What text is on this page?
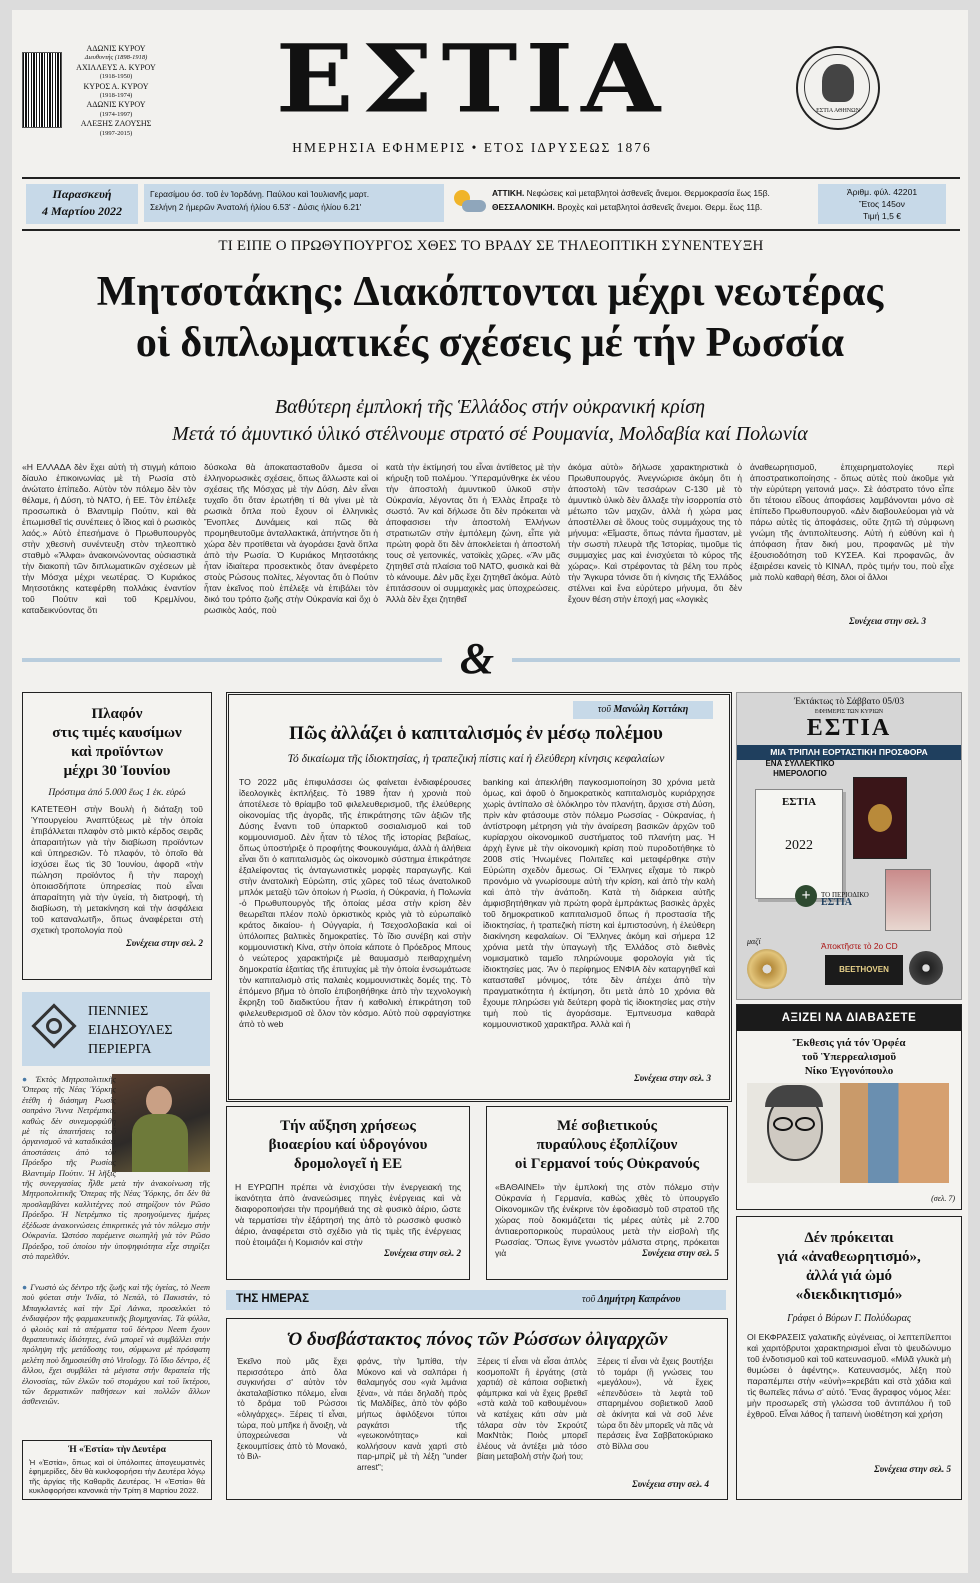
ΑΔΩΝΙΣ ΚΥΡΟΥ
Διευθυντής (1898-1918)
ΑΧΙΛΛΕΥΣ Α. ΚΥΡΟΥ
(1918-1950)
ΚΥΡΟΣ Α. ΚΥΡΟΥ
(1918-1974)
ΑΔΩΝΙΣ ΚΥΡΟΥ
(1974-1997)
ΑΛΕΞΗΣ ΖΑΟΥΣΗΣ
(1997-2015)	ΕΣΤΙΑ
ΗΜΕΡΗΣΙΑ ΕΦΗΜΕΡΙΣ • ΕΤΟΣ ΙΔΡΥΣΕΩΣ 1876
ΕΣΤΙΑ ΑΘΗΝΩΝ
Παρασκευή
4 Μαρτίου 2022
Γερασίμου όσ. τοῦ ἐν Ἰορδάνῃ. Παύλου καὶ Ἰουλιανῆς μαρτ.
Σελήνη 2 ἡμερῶν Ἀνατολή ἡλίου 6.53' - Δύσις ἡλίου 6.21'
ΑΤΤΙΚΗ. Νεφώσεις καὶ μεταβλητοὶ ἀσθενεῖς ἄνεμοι. Θερμοκρασία ἕως 15β.
ΘΕΣΣΑΛΟΝΙΚΗ. Βροχὲς καὶ μεταβλητοὶ ἀσθενεῖς ἄνεμοι. Θερμ. ἕως 11β.
Ἀριθμ. φύλ. 42201
Ἔτος 145ον
Τιμή 1,5 €
ΤΙ ΕΙΠΕ Ο ΠΡΩΘΥΠΟΥΡΓΟΣ ΧΘΕΣ ΤΟ ΒΡΑΔΥ ΣΕ ΤΗΛΕΟΠΤΙΚΗ ΣΥΝΕΝΤΕΥΞΗ
Μητσοτάκης: Διακόπτονται μέχρι νεωτέρας
οἱ διπλωματικές σχέσεις μέ τήν Ρωσσία
Βαθύτερη ἐμπλοκή τῆς Ἑλλάδος στήν οὐκρανική κρίση
Μετά τό ἀμυντικό ὑλικό στέλνουμε στρατό σέ Ρουμανία, Μολδαβία καί Πολωνία
«Η ΕΛΛΑΔΑ δὲν ἔχει αὐτὴ τὴ στιγμὴ κάποιο δίαυλο ἐπικοινωνίας μὲ τὴ Ρωσία στὸ ἀνώτατο ἐπίπεδο. Αὐτὸν τὸν πόλεμο δὲν τὸν θέλαμε, ἡ Δύση, τὸ ΝΑΤΟ, ἡ ΕΕ. Τὸν ἐπέλεξε προσωπικὰ ὁ Βλαντιμὶρ Πούτιν, καὶ θὰ ἐπωμισθεῖ τὶς συνέπειες ὁ ἴδιος καὶ ὁ ρωσικὸς λαός.» Αὐτὸ ἐπεσήμανε ὁ Πρωθυπουργὸς στὴν χθεσινὴ συνέντευξη στὸν τηλεοπτικὸ σταθμὸ «Ἄλφα» ἀνακοινώνοντας οὐσιαστικὰ τὴν διακοπὴ τῶν διπλωματικῶν σχέσεων μὲ τὴν Μόσχα μέχρι νεωτέρας. Ὁ Κυριάκος Μητσοτάκης κατεφέρθη πολλάκις ἐναντίον τοῦ Πούτιν καὶ τοῦ Κρεμλίνου, καταδεικνύοντας ὅτι
δύσκολα θὰ ἀποκατασταθοῦν ἄμεσα οἱ ἑλληνορωσικὲς σχέσεις, ὅπως ἄλλωστε καὶ οἱ σχέσεις τῆς Μόσχας μὲ τὴν Δύση. Δὲν εἶναι τυχαῖο ὅτι ὅταν ἐρωτήθη τί θὰ γίνει μὲ τὰ ρωσικὰ ὅπλα ποὺ ἔχουν οἱ ἑλληνικὲς Ἔνοπλες Δυνάμεις καὶ πῶς θὰ προμηθευτοῦμε ἀνταλλακτικά, ἀπήντησε ὅτι ἡ χώρα δὲν προτίθεται νὰ ἀγοράσει ξανὰ ὅπλα ἀπὸ τὴν Ρωσία. Ὁ Κυριάκος Μητσοτάκης ἦταν ἰδιαίτερα προσεκτικὸς ὅταν ἀνεφέρετο στοὺς Ρώσους πολίτες, λέγοντας ὅτι ὁ Πούτιν ἦταν ἐκεῖνος ποὺ ἐπέλεξε νὰ ἐπιβάλει τὸν δικό του τρόπο ζωῆς στὴν Οὐκρανία καὶ ὄχι ὁ ρωσικὸς λαός, ποὺ
κατὰ τὴν ἐκτίμησή του εἶναι ἀντίθετος μὲ τὴν κήρυξη τοῦ πολέμου. Ὑπεραμύνθηκε ἐκ νέου τὴν ἀποστολὴ ἀμυντικοῦ ὑλικοῦ στὴν Οὐκρανία, λέγοντας ὅτι ἡ Ἑλλὰς ἔπραξε τὸ σωστό. Ἂν καὶ δήλωσε ὅτι δὲν πρόκειται νὰ ἀποφασισει τὴν ἀποστολὴ Ἑλλήνων στρατιωτῶν στὴν ἐμπόλεμη ζώνη, εἶπε γιὰ πρώτη φορὰ ὅτι δὲν ἀποκλείεται ἡ ἀποστολή τους σὲ γειτονικές, νατοϊκὲς χῶρες. «Ἂν μᾶς ζητηθεῖ στὰ πλαίσια τοῦ ΝΑΤΟ, φυσικὰ καὶ θὰ τὸ κάνουμε. Δὲν μᾶς ἔχει ζητηθεῖ ἀκόμα. Αὐτὸ ἐπιτάσσουν οἱ συμμαχικὲς μας ὑποχρεώσεις. Ἀλλὰ δὲν ἔχει ζητηθεῖ
ἀκόμα αὐτὸ» δήλωσε χαρακτηριστικὰ ὁ Πρωθυπουργός. Ἀνεγνώρισε ἀκόμη ὅτι ἡ ἀποστολὴ τῶν τεσσάρων C-130 μὲ τὸ ἀμυντικὸ ὑλικὸ δὲν ἄλλαξε τὴν ἰσορροπία στὸ μέτωπο τῶν μαχῶν, ἀλλὰ ἡ χώρα μας ἀποστέλλει σὲ ὅλους τοὺς συμμάχους της τὸ μήνυμα: «Εἴμαστε, ὅπως πάντα ἤμασταν, μὲ τὴν σωστὴ πλευρὰ τῆς Ἱστορίας, τιμοῦμε τὶς συμμαχίες μας καὶ ἐνισχύεται τὸ κύρος τῆς χώρας». Καὶ στρέφοντας τὰ βέλη του πρὸς τὴν Ἄγκυρα τόνισε ὅτι ἡ κίνησις τῆς Ἑλλάδος στέλνει καὶ ἕνα εὐρύτερο μήνυμα, ὅτι δὲν ἔχουν θέση στὴν ἐποχή μας «λογικὲς
ἀναθεωρητισμοῦ, ἐπιχειρηματολογίες περὶ ἀποστρατικοποίησης - ὅπως αὐτὲς ποὺ ἀκοῦμε γιὰ τὴν εὐρύτερη γειτονιά μας». Σὲ ἀόστρατο τόνο εἶπε ὅτι τέτοιου εἴδους ἀποφάσεις λαμβάνονται μόνο σὲ ἐπίπεδο Πρωθυπουργοῦ. «Δὲν διαβουλεύομαι γιὰ νὰ πάρω αὐτὲς τὶς ἀποφάσεις, οὔτε ζητῶ τὴ σύμφωνη γνώμη τῆς ἀντιπολίτευσης. Αὐτὴ ἡ εὐθύνη καὶ ἡ ἀπόφαση ἦταν δική μου, προφανῶς μὲ τὴν ἐξουσιοδότηση τοῦ ΚΥΣΕΑ. Καὶ προφανῶς, ἂν ἐξαιρέσει κανεὶς τὸ ΚΙΝΑΛ, πρὸς τιμήν του, ποὺ εἶχε μιὰ πολὺ καθαρὴ θέση, δλοι οἱ ἄλλοι
Συνέχεια στην σελ. 3
&
Πλαφόν
στις τιμές καυσίμων
καὶ προϊόντων
μέχρι 30 Ἰουνίου
Πρόστιμα ἀπό 5.000 ἕως 1 ἑκ. εὐρώ
ΚΑΤΕΤΕΘΗ στὴν Βουλὴ ἡ διάταξη τοῦ Ὑπουργείου Ἀναπτύξεως μὲ τὴν ὁποία ἐπιβάλλεται πλαφὸν στὸ μικτὸ κέρδος σειρᾶς ἀπαραιτήτων γιὰ τὴν διαβίωση προϊόντων καὶ ὑπηρεσιῶν. Τὸ πλαφόν, τὸ ὁποῖο θὰ ἰσχύσει ἕως τὶς 30 Ἰουνίου, ἀφορᾶ «τὴν πώληση προϊόντος ἢ τὴν παροχὴ ὁποιασδήποτε ὑπηρεσίας ποὺ εἶναι ἀπαραίτητη γιὰ τὴν ὑγεία, τὴ διατροφή, τὴ διαβίωση, τὴ μετακίνηση καὶ τὴν ἀσφάλεια τοῦ καταναλωτῆ», ὅπως ἀναφέρεται στὴ σχετικὴ τροπολογία ποὺ
Συνέχεια στην σελ. 2
ΠΕΝΝΙΕΣ
ΕΙΔΗΣΟΥΛΕΣ
ΠΕΡΙΕΡΓΑ
● Ἐκτὸς Μητροπολιτικῆς Ὄπερας τῆς Νέας Ὑόρκης ἐτέθη ἡ διάσημη Ρωσίς σοπράνο Ἄννα Νετρέμπκο, καθὼς δὲν συνεμορφώθη μὲ τὶς ἀπαιτήσεις τοῦ ὀργανισμοῦ νὰ καταδικάσει ἀποστάσεις ἀπὸ τὸν Πρόεδρο τῆς Ρωσίας Βλαντιμὶρ Πούτιν. Ἡ λῆξις τῆς συνεργασίας ἦλθε μετὰ τὴν ἀνακοίνωση τῆς Μητροπολιτικῆς Ὄπερας τῆς Νέας Ὑόρκης, ὅτι δὲν θὰ προσλαμβάνει καλλιτέχνες ποὺ στηρίζουν τὸν Ρῶσο Πρόεδρο. Ἡ Νετρέμπκο τὶς προηγούμενες ἡμέρες ἐξέδωσε ἀνακοινώσεις ἐπικριτικὲς γιὰ τὸν πόλεμο στὴν Οὐκρανία. Ὡστόσο παρέμεινε σιωπηλὴ γιὰ τὸν Ρῶσο Πρόεδρο, τοῦ ὁποίου τὴν ὑποψηφιότητα εἶχε στηρίξει στὸ παρελθόν.
● Γνωστὸ ὡς δέντρο τῆς ζωῆς καὶ τῆς ὑγείας, τὸ Neem ποὺ φύεται στὴν Ἰνδία, τὸ Νεπάλ, τὸ Πακιστάν, τὸ Μπαγκλαντὲς καὶ τὴν Σρὶ Λάνκα, προσελκύει τὸ ἐνδιαφέρον τῆς φαρμακευτικῆς βιομηχανίας. Τὰ φύλλα, ὁ φλοιὸς καὶ τὰ σπέρματα τοῦ δέντρου Neem ἔχουν θεραπευτικὲς ἰδιότητες, ἐνῶ μπορεῖ νὰ συμβάλλει στὴν πρόληψη τῆς μετάδοσης του, σύμφωνα μὲ πρόσφατη μελέτη ποὺ δημοσιεύθη στὸ Virology. Τὸ ἴδιο δέντρο, ἐξ ἄλλου, ἔχει συμβάλει τὰ μέγιστα στὴν θεραπεία τῆς ἑλονοσίας, τῶν ἑλκῶν τοῦ στομάχου καὶ τοῦ ἴκτέρου, τῶν δερματικῶν παθήσεων καὶ πολλῶν ἄλλων ἀσθενειῶν.
Ἡ «Ἑστία» τὴν Δευτέρα
Ἡ «Ἑστία», ὅπως καὶ οἱ ὑπόλοιπες ἀπογευματινὲς ἐφημερίδες, δὲν θὰ κυκλοφορήσει τὴν Δευτέρα λόγῳ τῆς ἀργίας τῆς Καθαρᾶς Δευτέρας. Ἡ «Ἑστία» θὰ κυκλοφορήσει κανονικὰ τὴν Τρίτη 8 Μαρτίου 2022.
τοῦ Μανώλη Κοττάκη
Πῶς ἀλλάζει ὁ καπιταλισμός ἐν μέσῳ πολέμου
Τό δικαίωμα τῆς ἰδιοκτησίας, ἡ τραπεζική πίστις καί ἡ ἐλεύθερη κίνησις κεφαλαίων
ΤΟ 2022 μᾶς ἐπιφυλάσσει ὡς φαίνεται ἐνδιαφέρουσες ἰδεολογικὲς ἐκπλήξεις. Τὸ 1989 ἦταν ἡ χρονιὰ ποὺ ἀποτέλεσε τὸ θρίαμβο τοῦ φιλελευθερισμοῦ, τῆς ἐλεύθερης οἰκονομίας τῆς ἀγορᾶς, τῆς ἐπικράτησης τῶν ἀξιῶν τῆς Δύσης ἔναντι τοῦ ὑπαρκτοῦ σοσιαλισμοῦ καὶ τοῦ κομμουνισμοῦ. Δὲν ἦταν τὸ τέλος τῆς ἱστορίας βεβαίως, ὅπως ὑποστήριξε ὁ προφήτης Φουκουγιάμα, ἀλλὰ ἡ ἀλήθεια εἶναι ὅτι ὁ καπιταλισμὸς ὡς οἰκονομικὸ σύστημα ἐπικράτησε ἐξαλείφοντας τὶς ἀνταγωνιστικὲς μορφὲς παραγωγῆς. Καὶ στὴν ἀνατολικὴ Εὐρώπη, στὶς χῶρες τοῦ τέως ἀνατολικοῦ μπλόκ μεταξὺ τῶν ὁποίων ἡ Ρωσία, ἡ Οὐκρανία, ἡ Πολωνία -ὁ Πρωθυπουργὸς τῆς ὁποίας μέσα στὴν κρίση δὲν θεωρεῖται πλέον πολὺ ὀρκιστικὸς κριὸς γιὰ τὸ εὐρωπαϊκὸ κράτος δικαίου- ἡ Οὐγγαρία, ἡ Τσεχοσλοβακία καὶ οἱ ὑπόλοιπες βαλτικὲς δημοκρατίες. Τὸ ἴδιο συνέβη καὶ στὴν κομμουνιστικὴ Κίνα, στὴν ὁποία κάποτε ὁ Πρόεδρος Μπους ὁ νεώτερος χαρακτήριζε μὲ θαυμασμὸ πειθαρχημένη δημοκρατία ἐξαιτίας τῆς ἐπιτυχίας μὲ τὴν ὁποία ἐνσωμάτωσε τὸν καπιταλισμὸ στὶς παλαιὲς κομμουνιστικὲς δομές της. Τὸ ἑπόμενο βῆμα τὸ ὁποῖο ἐπιβοηθήθηκε ἀπὸ τὴν τεχνολογικὴ ἔκρηξη τοῦ διαδικτύου ἦταν ἡ καθολικὴ ἐπικράτηση τοῦ φιλελευθερισμοῦ σὲ ὅλον τὸν κόσμο. Αὐτὸ ποὺ σφραγίστηκε ἀπὸ τὸ web
banking καὶ ἀπεκλήθη παγκοσμιοποίηση 30 χρόνια μετὰ ὁμως, καὶ ἀφοῦ ὁ δημοκρατικὸς καπιταλισμὸς κυριάρχησε χωρὶς ἀντίπαλο σὲ ὁλόκληρο τὸν πλανήτη, ἄρχισε στὴ Δύση, πρὶν κὰν φτάσουμε στὸν πόλεμο Ρωσσίας - Οὐκρανίας, ἡ ἀντίστροφη μέτρηση γιὰ τὴν ἀναίρεση βασικῶν ἀρχῶν τοῦ κυρίαρχου οἰκονομικοῦ συστήματος τοῦ πλανήτη μας. Ἡ ἀρχὴ ἔγινε μὲ τὴν οἰκονομικὴ κρίση ποὺ πυροδοτήθηκε τὸ 2008 στὶς Ἡνωμένες Πολιτεῖες καὶ μεταφέρθηκε στὴν Εὐρώπη σχεδὸν ἄμεσως. Οἱ Ἕλληνες εἴχαμε τὸ πικρὸ προνόμιο νὰ γνωρίσουμε αὐτὴ τὴν κρίση, καὶ ἀπὸ τὴν καλὴ καὶ ἀπὸ τὴν ἀνάποδη. Κατὰ τὴ διάρκεια αὐτῆς ἀμφισβητήθηκαν γιὰ πρώτη φορὰ ἐμπράκτως βασικὲς ἀρχὲς τοῦ δημοκρατικοῦ καπιταλισμοῦ ὅπως ἡ προστασία τῆς ἰδιοκτησίας, ἡ τραπεζικὴ πίστη καὶ ἐμπιστοσύνη, ἡ ἐλεύθερη διακίνηση κεφαλαίων. Οἱ Ἕλληνες ἀκόμη καὶ σήμερα 12 χρόνια μετὰ τὴν ὑπαγωγὴ τῆς Ἑλλάδος στὸ διεθνὲς νομισματικὸ ταμεῖο πληρώνουμε φορολογία γιὰ τὶς ἰδιοκτησίες μας. Ἂν ὁ περίφημος ΕΝΦΙΑ δὲν καταργηθεῖ καὶ κατασταθεῖ μόνιμος, τότε δὲν ἀπέχει ἀπὸ τὴν πραγματικότητα ἡ ἐκτίμηση, ὅτι μετὰ ἀπὸ 10 χρόνια θὰ ἔχουμε πληρώσει γιὰ δεύτερη φορὰ τὶς ἰδιοκτησίες μας στὴν τιμὴ ποὺ τὶς ἀγοράσαμε. Ἐμπνευσμα καθαρὰ κομμουνιστικοῦ χαρακτῆρα. Ἀλλὰ καὶ ἡ
Συνέχεια στην σελ. 3
Ἐκτάκτως τὸ Σάββατο 05/03
ΕΦΗΜΕΡΙΣ ΤΩΝ ΚΥΡΙΩΝ
ΕΣΤΙΑ
ΜΙΑ ΤΡΙΠΛΗ ΕΟΡΤΑΣΤΙΚΗ ΠΡΟΣΦΟΡΑ
ΕΝΑ ΣΥΛΛΕΚΤΙΚΟ
ΗΜΕΡΟΛΟΓΙΟ
ΕΣΤΙΑ
2022
+	ΤΟ ΠΕΡΙΟΔΙΚΟ
ΕΣΤΙΑ
μαζί	Ἀποκτῆστε τὸ 2ο CD
BEETHOVEN
ΑΞΙΖΕΙ ΝΑ ΔΙΑΒΑΣΕΤΕ
Ἔκθεσις γιά τόν Ὀρφέα
τοῦ Ὑπερρεαλισμοῦ
Νίκο Ἐγγονόπουλο
(σελ. 7)
Τήν αὔξηση χρήσεως
βιοαερίου καί ὑδρογόνου
δρομολογεῖ ἡ ΕΕ
Η ΕΥΡΩΠΗ πρέπει νὰ ἐνισχύσει τὴν ἐνεργειακή της ἱκανότητα ἀπὸ ἀνανεώσιμες πηγὲς ἐνέργειας καὶ νὰ διαφοροποιήσει τὴν προμήθειά της σὲ φυσικὸ ἀέριο, ὥστε νὰ τερματίσει τὴν ἐξάρτησή της ἀπὸ τὸ ρωσσικὸ φυσικὸ ἀέριο, ἀναφέρεται στὸ σχέδιο γιὰ τὶς τιμὲς τῆς ἐνέργειας ποὺ ἑτοιμάζει ἡ Κομισιόν καὶ στὴν
Συνέχεια στην σελ. 2
Μέ σοβιετικούς
πυραύλους ἐξοπλίζουν
οἱ Γερμανοί τούς Οὐκρανούς
«ΒΑΘΑΙΝΕΙ» τὴν ἐμπλοκή της στὸν πόλεμο στὴν Οὐκρανία ἡ Γερμανία, καθὼς χθὲς τὸ ὑπουργεῖο Οἰκονομικῶν τῆς ἐνέκρινε τὸν ἐφοδιασμὸ τοῦ στρατοῦ τῆς χώρας ποὺ δοκιμάζεται τὶς μέρες αὐτὲς μὲ 2.700 ἀντιαεροπορικοὺς πυραύλους μετὰ τὴν εἰσβολὴ τῆς Ρωσσίας. Ὅπως ἔγινε γνωστὸν μάλιστα στρης, πρόκειται γιὰ	Συνέχεια στην σελ. 5
ΤΗΣ ΗΜΕΡΑΣ	τοῦ Δημήτρη Καπράνου
Ὁ δυσβάστακτος πόνος τῶν Ρώσσων ὀλιγαρχῶν
Ἐκεῖνο ποὺ μᾶς ἔχει περισσότερο ἀπὸ ὅλα συγκινήσει σ' αὐτὸν τὸν ἀκαταλαβίστικο πόλεμο, εἶναι τὸ δράμα τοῦ Ρώσσοι «ὀλιγάρχες». Ξέρεις τί εἶναι, τώρα, ποὺ μπῆκε ἡ ἄνοιξη, νὰ ὑποχρεώνεσαι νὰ ξεκουμπίσεις ἀπὸ τὸ Μονακό, τὸ Βιλ-
φράνς, τὴν Ἰμπίθα, τὴν Μύκονο καὶ νὰ σαλπάρει ἡ θαλαμηγός σου «γιὰ λιμάνια ξένα», νὰ πάει δηλαδὴ πρὸς τὶς Μαλδίβες, ἀπὸ τὸν φόβο μήπως ἀφιλόξενοι τύποι ραγκάτσι τῆς «γεωκοινότητας» καὶ κολλήσουν κανὰ χαρτὶ στὸ παρ-μπρὶζ μὲ τὴ λέξη "under arrest";
Ξέρεις τί εἶναι νὰ εἶσαι ἀπλὸς κοσμοπολῖτ ἢ ἐργάτης (στὰ χαρτιά) σὲ κάποια σοβιετικὴ φάμπρικα καὶ νὰ ἔχεις βρεθεῖ «στὰ καλὰ τοῦ καθουμένου» νὰ κατέχεις κάτι σὰν μιὰ τάλαρα σὰν τὸν Σκρούτζ ΜακΝτὰκ; Ποιὸς μπορεῖ ἐλέους νὰ ἀντέξει μιὰ τόσο βίαιη μεταβολὴ στὴν ζωή του;
Ξέρεις τί εἶναι νὰ ἔχεις βουτήξει τὸ τομάρι (ἢ γνώσεις του «μεγάλου»), νὰ ἔχεις «ἐπενδύσει» τὰ λεφτὰ τοῦ σπαρημένου σοβιετικοῦ λαοῦ σὲ ἀκίνητα καὶ νὰ σοῦ λένε τώρα ὅτι δὲν μπορεῖς νὰ πᾶς νὰ περάσεις ἕνα Σαββατοκύριακο στὸ Βίλλα σου
Συνέχεια στην σελ. 4
Δέν πρόκειται
γιά «ἀναθεωρητισμό»,
ἀλλά γιά ὠμό
«διεκδικητισμό»
Γράφει ὁ Βύρων Γ. Πολύδωρας
ΟΙ ΕΚΦΡΑΣΕΙΣ γαλατικῆς εὐγένειας, οἱ λεπτεπίλεπτοι καὶ χαριτόβρυτοι χαρακτηρισμοὶ εἶναι τὸ ψευδώνυμο τοῦ ἐνδοτισμοῦ καὶ τοῦ κατευνασμοῦ. «Μιλᾶ γλυκὰ μὴ θυμώσει ὁ ἀφέντης». Κατευνασμός, λέξη ποὺ παραπέμπει στὴν «εὐνὴ»=κρεβάτι καὶ στὰ χάδια καὶ τὶς θωπεῖες πάνω σ' αὐτό. Ἕνας ἄγραφος νόμος λέει: μὴν προσωρεῖς στὴ γλώσσα τοῦ ἀντιπάλου ἢ τοῦ ἐχθροῦ. Εἶναι λάθος ἢ ταπεινὴ ὑιοθέτηση καὶ χρήση
Συνέχεια στην σελ. 5
